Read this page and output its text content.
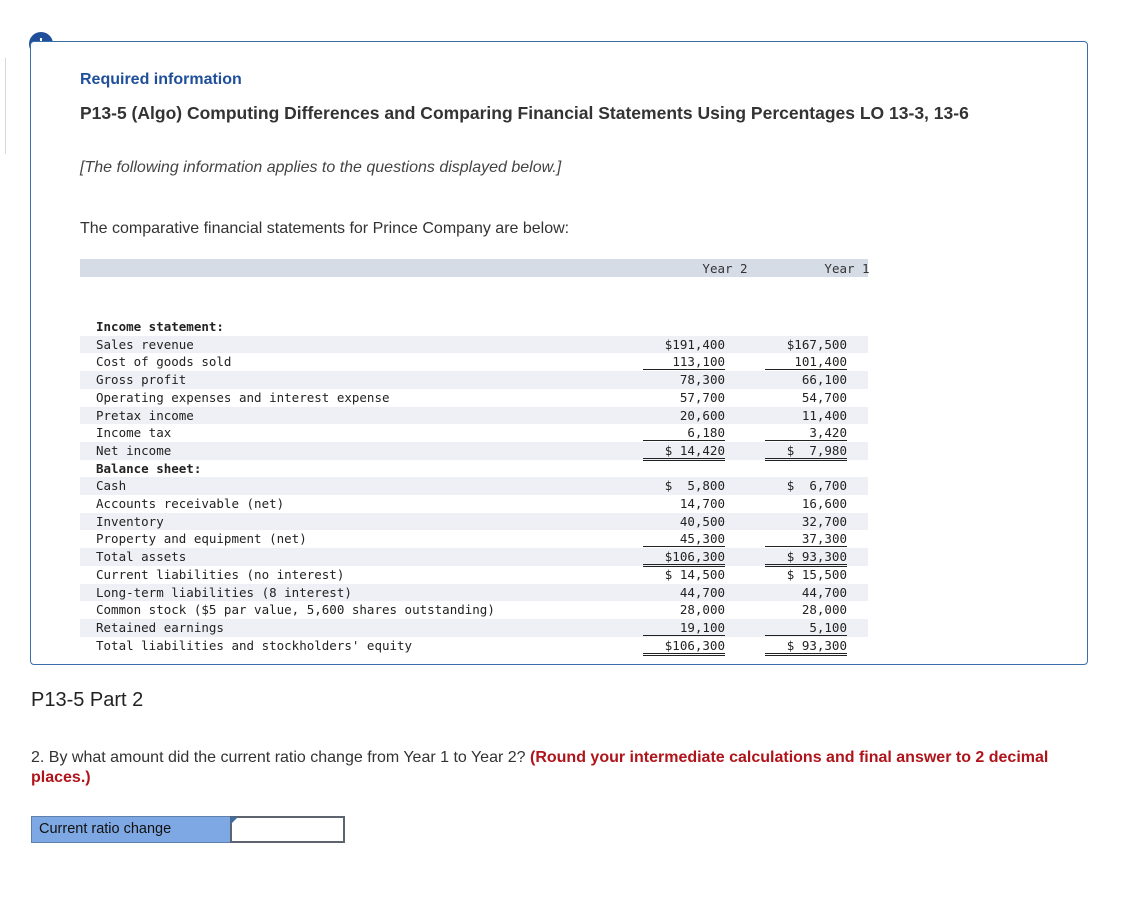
Required information
P13-5 (Algo) Computing Differences and Comparing Financial Statements Using Percentages LO 13-3, 13-6
[The following information applies to the questions displayed below.]
The comparative financial statements for Prince Company are below:
Year 2	Year 1
Income statement:
Sales revenue	$191,400	$167,500
Cost of goods sold	113,100	101,400
Gross profit	78,300	66,100
Operating expenses and interest expense	57,700	54,700
Pretax income	20,600	11,400
Income tax	6,180	3,420
Net income	$ 14,420	$  7,980
Balance sheet:
Cash	$  5,800	$  6,700
Accounts receivable (net)	14,700	16,600
Inventory	40,500	32,700
Property and equipment (net)	45,300	37,300
Total assets	$106,300	$ 93,300
Current liabilities (no interest)	$ 14,500	$ 15,500
Long-term liabilities (8 interest)	44,700	44,700
Common stock ($5 par value, 5,600 shares outstanding)	28,000	28,000
Retained earnings	19,100	5,100
Total liabilities and stockholders' equity	$106,300	$ 93,300
P13-5 Part 2
2. By what amount did the current ratio change from Year 1 to Year 2? (Round your intermediate calculations and final answer to 2 decimal places.)
Current ratio change
